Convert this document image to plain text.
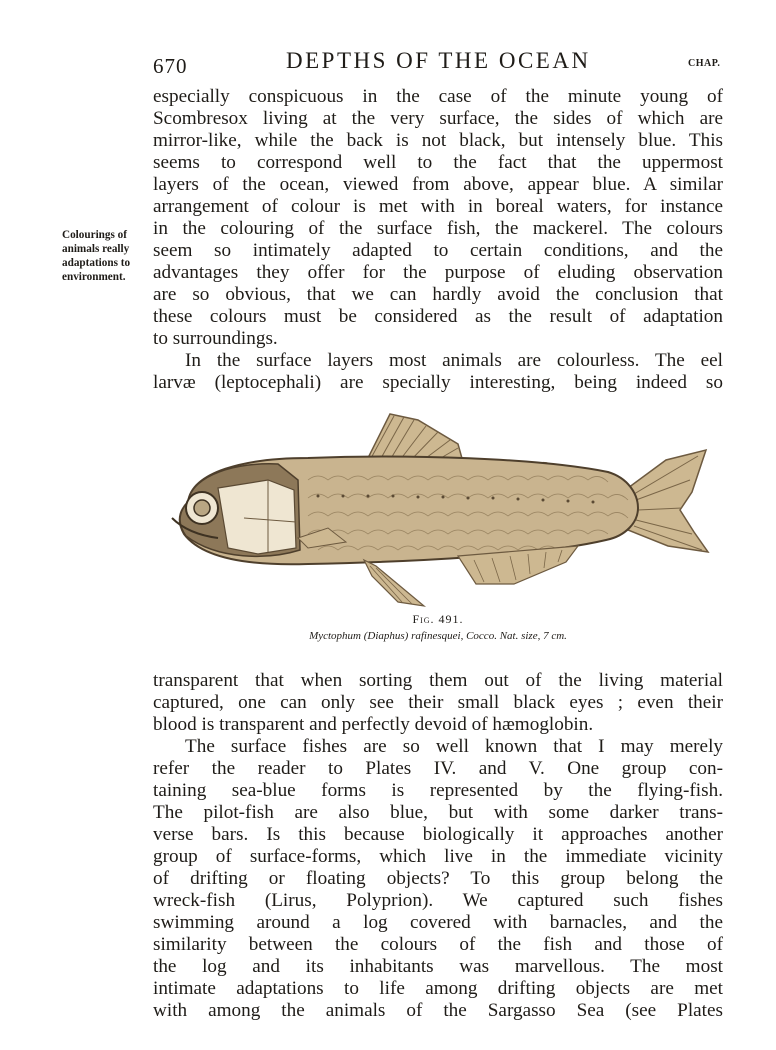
670	DEPTHS OF THE OCEAN	CHAP.
Colourings of
animals really
adaptations to
environment.
especially conspicuous in the case of the minute young of
Scombresox living at the very surface, the sides of which are
mirror-like, while the back is not black, but intensely blue. This
seems to correspond well to the fact that the uppermost
layers of the ocean, viewed from above, appear blue. A similar
arrangement of colour is met with in boreal waters, for instance
in the colouring of the surface fish, the mackerel. The colours
seem so intimately adapted to certain conditions, and the
advantages they offer for the purpose of eluding observation
are so obvious, that we can hardly avoid the conclusion that
these colours must be considered as the result of adaptation
to surroundings.
In the surface layers most animals are colourless. The eel
larvæ (leptocephali) are specially interesting, being indeed so
Fig. 491.
Myctophum (Diaphus) rafinesquei, Cocco. Nat. size, 7 cm.
transparent that when sorting them out of the living material
captured, one can only see their small black eyes ; even their
blood is transparent and perfectly devoid of hæmoglobin.
The surface fishes are so well known that I may merely
refer the reader to Plates IV. and V. One group con-
taining sea-blue forms is represented by the flying-fish.
The pilot-fish are also blue, but with some darker trans-
verse bars. Is this because biologically it approaches another
group of surface-forms, which live in the immediate vicinity
of drifting or floating objects? To this group belong the
wreck-fish (Lirus, Polyprion). We captured such fishes
swimming around a log covered with barnacles, and the
similarity between the colours of the fish and those of
the log and its inhabitants was marvellous. The most
intimate adaptations to life among drifting objects are met
with among the animals of the Sargasso Sea (see Plates
